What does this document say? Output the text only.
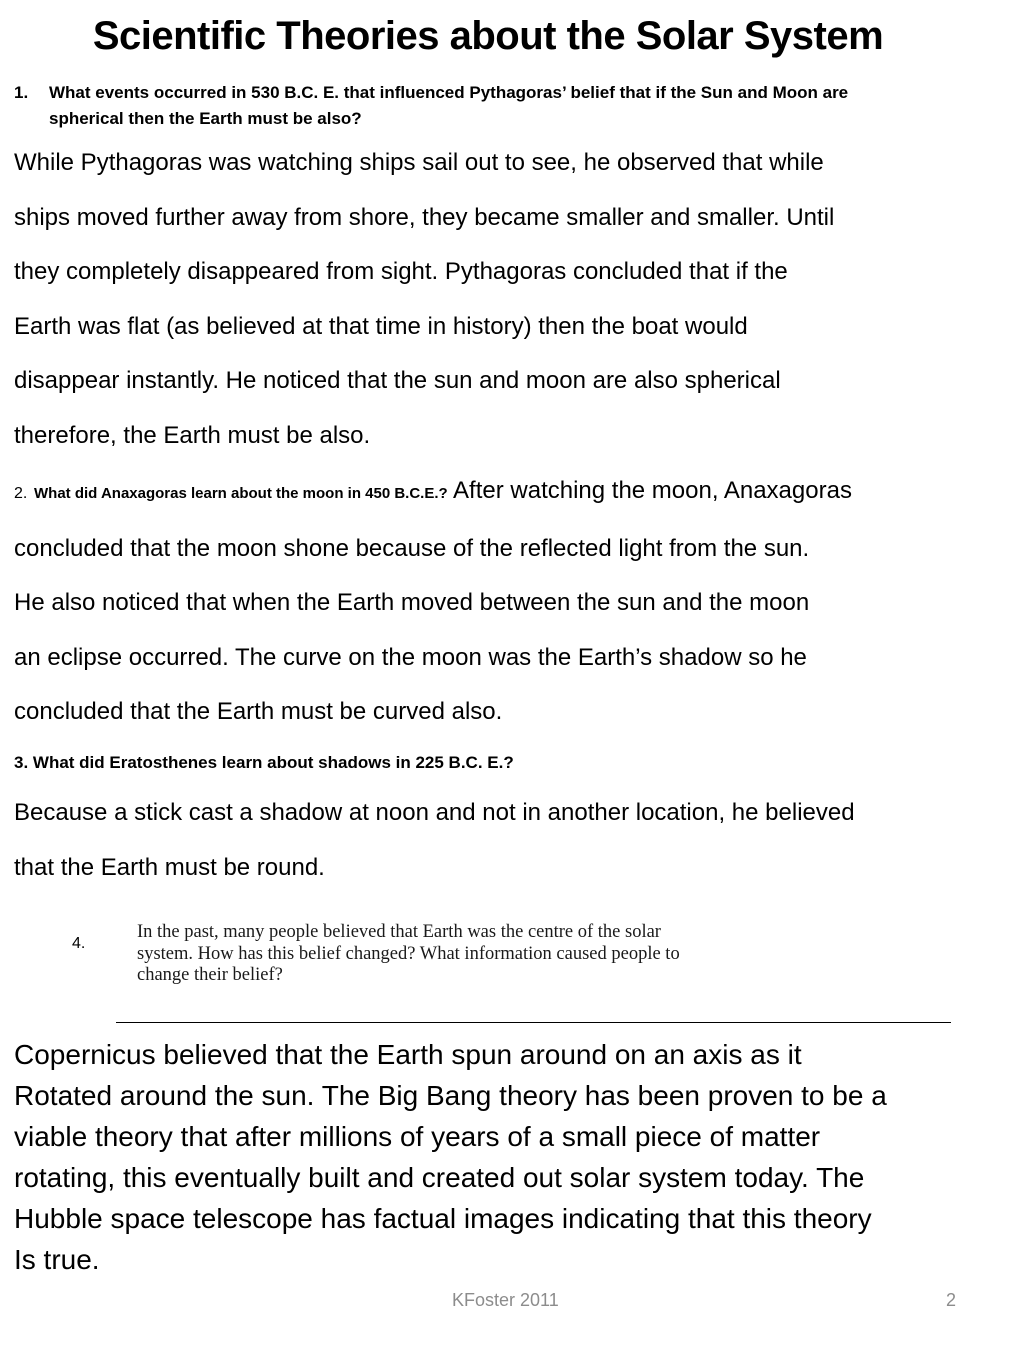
Scientific Theories about the Solar System
1. What events occurred in 530 B.C. E. that influenced Pythagoras’ belief that if the Sun and Moon are
spherical then the Earth must be also?
While Pythagoras was watching ships sail out to see, he observed that while
ships moved further away from shore, they became smaller and smaller. Until
they completely disappeared from sight. Pythagoras concluded that if the
Earth was flat (as believed at that time in history) then the boat would
disappear instantly. He noticed that the sun and moon are also spherical
therefore, the Earth must be also.
2. What did Anaxagoras learn about the moon in 450 B.C.E.? After watching the moon, Anaxagoras
concluded that the moon shone because of the reflected light from the sun.
He also noticed that when the Earth moved between the sun and the moon
an eclipse occurred. The curve on the moon was the Earth’s shadow so he
concluded that the Earth must be curved also.
3. What did Eratosthenes learn about shadows in 225 B.C. E.?
Because a stick cast a shadow at noon and not in another location, he believed
that the Earth must be round.
4.
In the past, many people believed that Earth was the centre of the solar
system. How has this belief changed? What information caused people to
change their belief?
Copernicus believed that the Earth spun around on an axis as it
Rotated around the sun. The Big Bang theory has been proven to be a
viable theory that after millions of years of a small piece of matter
rotating, this eventually built and created out solar system today. The
Hubble space telescope has factual images indicating that this theory
Is true.
KFoster 2011	2
